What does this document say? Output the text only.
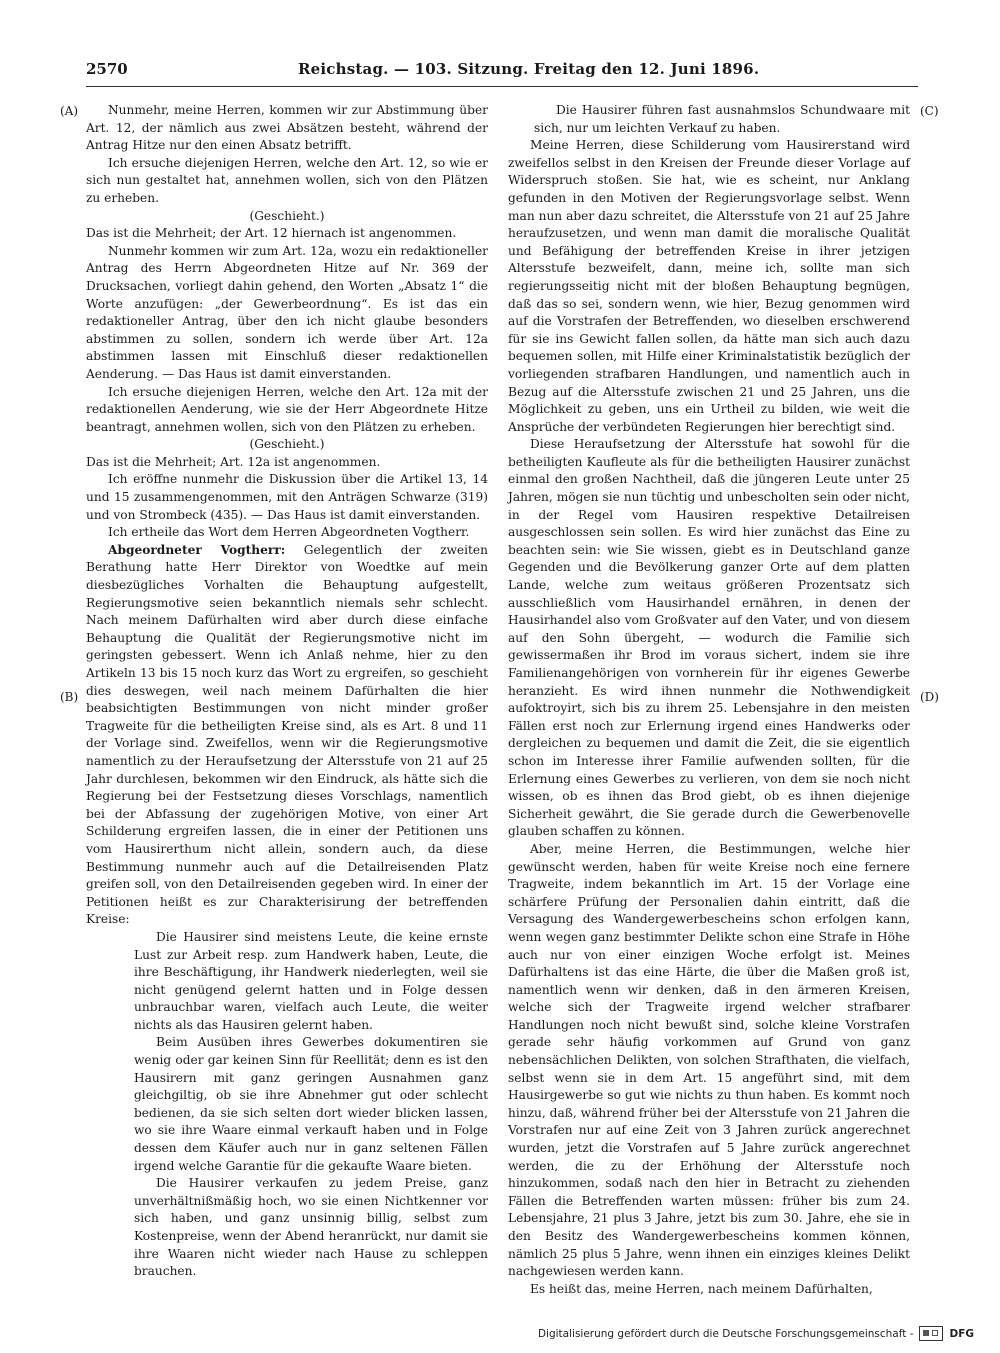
2570	Reichstag. — 103. Sitzung. Freitag den 12. Juni 1896.
(A)
(B)
(C)
(D)

Nunmehr, meine Herren, kommen wir zur Abstimmung über Art. 12, der nämlich aus zwei Absätzen besteht, während der Antrag Hitze nur den einen Absatz betrifft.

Ich ersuche diejenigen Herren, welche den Art. 12, so wie er sich nun gestaltet hat, annehmen wollen, sich von den Plätzen zu erheben.

(Geschieht.)

Das ist die Mehrheit; der Art. 12 hiernach ist angenommen.

Nunmehr kommen wir zum Art. 12a, wozu ein redaktioneller Antrag des Herrn Abgeordneten Hitze auf Nr. 369 der Drucksachen, vorliegt dahin gehend, den Worten „Absatz 1“ die Worte anzufügen: „der Gewerbeordnung“. Es ist das ein redaktioneller Antrag, über den ich nicht glaube besonders abstimmen zu sollen, sondern ich werde über Art. 12a abstimmen lassen mit Einschluß dieser redaktionellen Aenderung. — Das Haus ist damit einverstanden.

Ich ersuche diejenigen Herren, welche den Art. 12a mit der redaktionellen Aenderung, wie sie der Herr Abgeordnete Hitze beantragt, annehmen wollen, sich von den Plätzen zu erheben.

(Geschieht.)

Das ist die Mehrheit; Art. 12a ist angenommen.

Ich eröffne nunmehr die Diskussion über die Artikel 13, 14 und 15 zusammengenommen, mit den Anträgen Schwarze (319) und von Strombeck (435). — Das Haus ist damit einverstanden.

Ich ertheile das Wort dem Herren Abgeordneten Vogtherr.

Abgeordneter Vogtherr: Gelegentlich der zweiten Berathung hatte Herr Direktor von Woedtke auf mein diesbezügliches Vorhalten die Behauptung aufgestellt, Regierungsmotive seien bekanntlich niemals sehr schlecht. Nach meinem Dafürhalten wird aber durch diese einfache Behauptung die Qualität der Regierungsmotive nicht im geringsten gebessert. Wenn ich Anlaß nehme, hier zu den Artikeln 13 bis 15 noch kurz das Wort zu ergreifen, so geschieht dies deswegen, weil nach meinem Dafürhalten die hier beabsichtigten Bestimmungen von nicht minder großer Tragweite für die betheiligten Kreise sind, als es Art. 8 und 11 der Vorlage sind. Zweifellos, wenn wir die Regierungsmotive namentlich zu der Heraufsetzung der Altersstufe von 21 auf 25 Jahr durchlesen, bekommen wir den Eindruck, als hätte sich die Regierung bei der Festsetzung dieses Vorschlags, namentlich bei der Abfassung der zugehörigen Motive, von einer Art Schilderung ergreifen lassen, die in einer der Petitionen uns vom Hausirerthum nicht allein, sondern auch, da diese Bestimmung nunmehr auch auf die Detailreisenden Platz greifen soll, von den Detailreisenden gegeben wird. In einer der Petitionen heißt es zur Charakterisirung der betreffenden Kreise:

Die Hausirer sind meistens Leute, die keine ernste Lust zur Arbeit resp. zum Handwerk haben, Leute, die ihre Beschäftigung, ihr Handwerk niederlegten, weil sie nicht genügend gelernt hatten und in Folge dessen unbrauchbar waren, vielfach auch Leute, die weiter nichts als das Hausiren gelernt haben.

Beim Ausüben ihres Gewerbes dokumentiren sie wenig oder gar keinen Sinn für Reellität; denn es ist den Hausirern mit ganz geringen Ausnahmen ganz gleichgiltig, ob sie ihre Abnehmer gut oder schlecht bedienen, da sie sich selten dort wieder blicken lassen, wo sie ihre Waare einmal verkauft haben und in Folge dessen dem Käufer auch nur in ganz seltenen Fällen irgend welche Garantie für die gekaufte Waare bieten.

Die Hausirer verkaufen zu jedem Preise, ganz unverhältnißmäßig hoch, wo sie einen Nichtkenner vor sich haben, und ganz unsinnig billig, selbst zum Kostenpreise, wenn der Abend heranrückt, nur damit sie ihre Waaren nicht wieder nach Hause zu schleppen brauchen.

Die Hausirer führen fast ausnahmslos Schundwaare mit sich, nur um leichten Verkauf zu haben.

Meine Herren, diese Schilderung vom Hausirerstand wird zweifellos selbst in den Kreisen der Freunde dieser Vorlage auf Widerspruch stoßen. Sie hat, wie es scheint, nur Anklang gefunden in den Motiven der Regierungsvorlage selbst. Wenn man nun aber dazu schreitet, die Altersstufe von 21 auf 25 Jahre heraufzusetzen, und wenn man damit die moralische Qualität und Befähigung der betreffenden Kreise in ihrer jetzigen Altersstufe bezweifelt, dann, meine ich, sollte man sich regierungsseitig nicht mit der bloßen Behauptung begnügen, daß das so sei, sondern wenn, wie hier, Bezug genommen wird auf die Vorstrafen der Betreffenden, wo dieselben erschwerend für sie ins Gewicht fallen sollen, da hätte man sich auch dazu bequemen sollen, mit Hilfe einer Kriminalstatistik bezüglich der vorliegenden strafbaren Handlungen, und namentlich auch in Bezug auf die Altersstufe zwischen 21 und 25 Jahren, uns die Möglichkeit zu geben, uns ein Urtheil zu bilden, wie weit die Ansprüche der verbündeten Regierungen hier berechtigt sind.

Diese Heraufsetzung der Altersstufe hat sowohl für die betheiligten Kaufleute als für die betheiligten Hausirer zunächst einmal den großen Nachtheil, daß die jüngeren Leute unter 25 Jahren, mögen sie nun tüchtig und unbescholten sein oder nicht, in der Regel vom Hausiren respektive Detailreisen ausgeschlossen sein sollen. Es wird hier zunächst das Eine zu beachten sein: wie Sie wissen, giebt es in Deutschland ganze Gegenden und die Bevölkerung ganzer Orte auf dem platten Lande, welche zum weitaus größeren Prozentsatz sich ausschließlich vom Hausirhandel ernähren, in denen der Hausirhandel also vom Großvater auf den Vater, und von diesem auf den Sohn übergeht, — wodurch die Familie sich gewissermaßen ihr Brod im voraus sichert, indem sie ihre Familienangehörigen von vornherein für ihr eigenes Gewerbe heranzieht. Es wird ihnen nunmehr die Nothwendigkeit aufoktroyirt, sich bis zu ihrem 25. Lebensjahre in den meisten Fällen erst noch zur Erlernung irgend eines Handwerks oder dergleichen zu bequemen und damit die Zeit, die sie eigentlich schon im Interesse ihrer Familie aufwenden sollten, für die Erlernung eines Gewerbes zu verlieren, von dem sie noch nicht wissen, ob es ihnen das Brod giebt, ob es ihnen diejenige Sicherheit gewährt, die Sie gerade durch die Gewerbenovelle glauben schaffen zu können.

Aber, meine Herren, die Bestimmungen, welche hier gewünscht werden, haben für weite Kreise noch eine fernere Tragweite, indem bekanntlich im Art. 15 der Vorlage eine schärfere Prüfung der Personalien dahin eintritt, daß die Versagung des Wandergewerbescheins schon erfolgen kann, wenn wegen ganz bestimmter Delikte schon eine Strafe in Höhe auch nur von einer einzigen Woche erfolgt ist. Meines Dafürhaltens ist das eine Härte, die über die Maßen groß ist, namentlich wenn wir denken, daß in den ärmeren Kreisen, welche sich der Tragweite irgend welcher strafbarer Handlungen noch nicht bewußt sind, solche kleine Vorstrafen gerade sehr häufig vorkommen auf Grund von ganz nebensächlichen Delikten, von solchen Strafthaten, die vielfach, selbst wenn sie in dem Art. 15 angeführt sind, mit dem Hausirgewerbe so gut wie nichts zu thun haben. Es kommt noch hinzu, daß, während früher bei der Altersstufe von 21 Jahren die Vorstrafen nur auf eine Zeit von 3 Jahren zurück angerechnet wurden, jetzt die Vorstrafen auf 5 Jahre zurück angerechnet werden, die zu der Erhöhung der Altersstufe noch hinzukommen, sodaß nach den hier in Betracht zu ziehenden Fällen die Betreffenden warten müssen: früher bis zum 24. Lebensjahre, 21 plus 3 Jahre, jetzt bis zum 30. Jahre, ehe sie in den Besitz des Wandergewerbescheins kommen können, nämlich 25 plus 5 Jahre, wenn ihnen ein einziges kleines Delikt nachgewiesen werden kann.

Es heißt das, meine Herren, nach meinem Dafürhalten,

Digitalisierung gefördert durch die Deutsche Forschungsgemeinschaft -	DFG
